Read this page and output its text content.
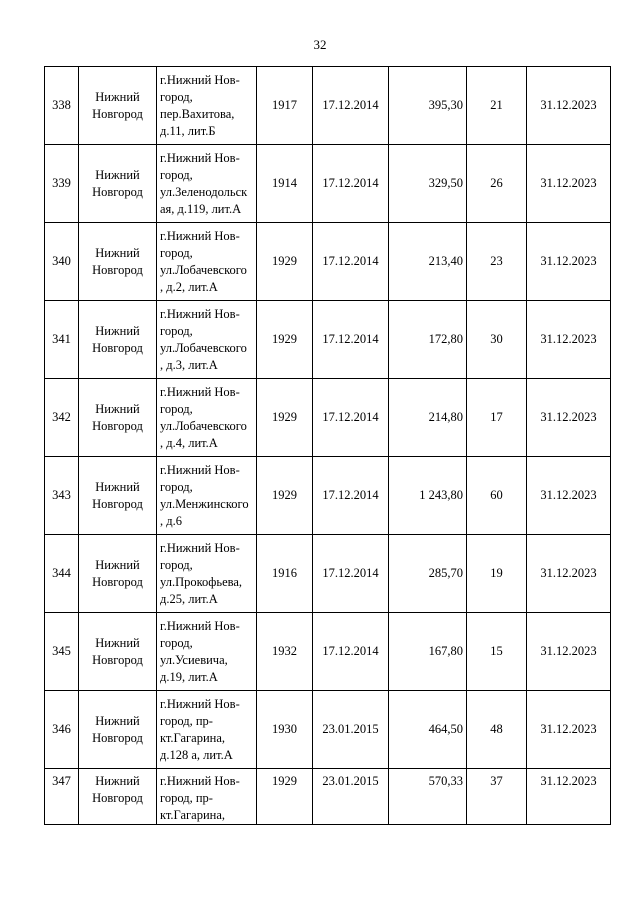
32
338	Нижний Новгород	г.Нижний Нов-
город,
пер.Вахитова,
д.11, лит.Б	1917	17.12.2014	395,30	21	31.12.2023
339	Нижний Новгород	г.Нижний Нов-
город,
ул.Зеленодольск
ая, д.119, лит.А	1914	17.12.2014	329,50	26	31.12.2023
340	Нижний Новгород	г.Нижний Нов-
город,
ул.Лобачевского
, д.2, лит.А	1929	17.12.2014	213,40	23	31.12.2023
341	Нижний Новгород	г.Нижний Нов-
город,
ул.Лобачевского
, д.3, лит.А	1929	17.12.2014	172,80	30	31.12.2023
342	Нижний Новгород	г.Нижний Нов-
город,
ул.Лобачевского
, д.4, лит.А	1929	17.12.2014	214,80	17	31.12.2023
343	Нижний Новгород	г.Нижний Нов-
город,
ул.Менжинского
, д.6	1929	17.12.2014	1 243,80	60	31.12.2023
344	Нижний Новгород	г.Нижний Нов-
город,
ул.Прокофьева,
д.25, лит.А	1916	17.12.2014	285,70	19	31.12.2023
345	Нижний Новгород	г.Нижний Нов-
город,
ул.Усиевича,
д.19, лит.А	1932	17.12.2014	167,80	15	31.12.2023
346	Нижний Новгород	г.Нижний Нов-
город, пр-
кт.Гагарина,
д.128 а, лит.А	1930	23.01.2015	464,50	48	31.12.2023
347	Нижний Новгород	г.Нижний Нов-
город, пр-
кт.Гагарина,	1929	23.01.2015	570,33	37	31.12.2023
